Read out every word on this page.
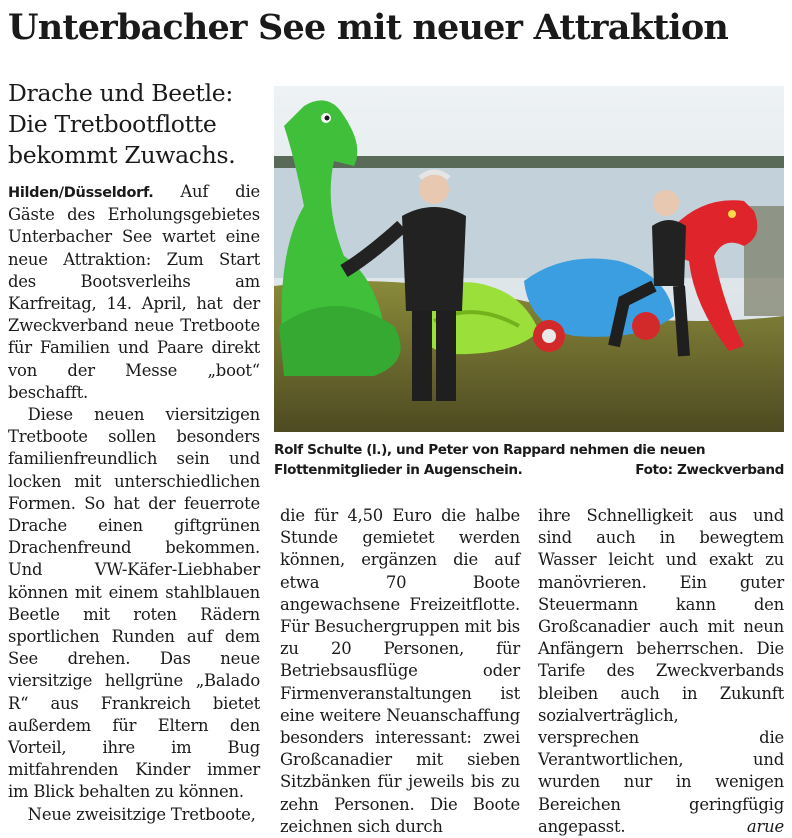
Unterbacher See mit neuer Attraktion
Drache und Beetle:
Die Tretbootflotte
bekommt Zuwachs.

Hilden/Düsseldorf. Auf die Gäste des Erholungsgebietes Unterbacher See wartet eine neue Attraktion: Zum Start des Bootsverleihs am Karfreitag, 14. April, hat der Zweckverband neue Tretboote für Familien und Paare direkt von der Messe „boot“ beschafft.

Diese neuen viersitzigen Tretboote sollen besonders familienfreundlich sein und locken mit unterschiedlichen Formen. So hat der feuerrote Drache einen giftgrünen Drachenfreund bekommen. Und VW-Käfer-Liebhaber können mit einem stahlblauen Beetle mit roten Rädern sportlichen Runden auf dem See drehen. Das neue viersitzige hellgrüne „Balado R“ aus Frankreich bietet außerdem für Eltern den Vorteil, ihre im Bug mitfahrenden Kinder immer im Blick behalten zu können.

Neue zweisitzige Tretboote,

Rolf Schulte (l.), und Peter von Rappard nehmen die neuen Flottenmitglieder in Augenschein.	Foto: Zweckverband

die für 4,50 Euro die halbe Stunde gemietet werden können, ergänzen die auf etwa 70 Boote angewachsene Freizeitflotte. Für Besuchergruppen mit bis zu 20 Personen, für Betriebsausflüge oder Firmenveranstaltungen ist eine weitere Neuanschaffung besonders interessant: zwei Großcanadier mit sieben Sitzbänken für jeweils bis zu zehn Personen. Die Boote zeichnen sich durch

ihre Schnelligkeit aus und sind auch in bewegtem Wasser leicht und exakt zu manövrieren. Ein guter Steuermann kann den Großcanadier auch mit neun Anfängern beherrschen. Die Tarife des Zweckverbands bleiben auch in Zukunft sozialverträglich, versprechen die Verantwortlichen, und wurden nur in wenigen Bereichen geringfügig angepasst.	arue
